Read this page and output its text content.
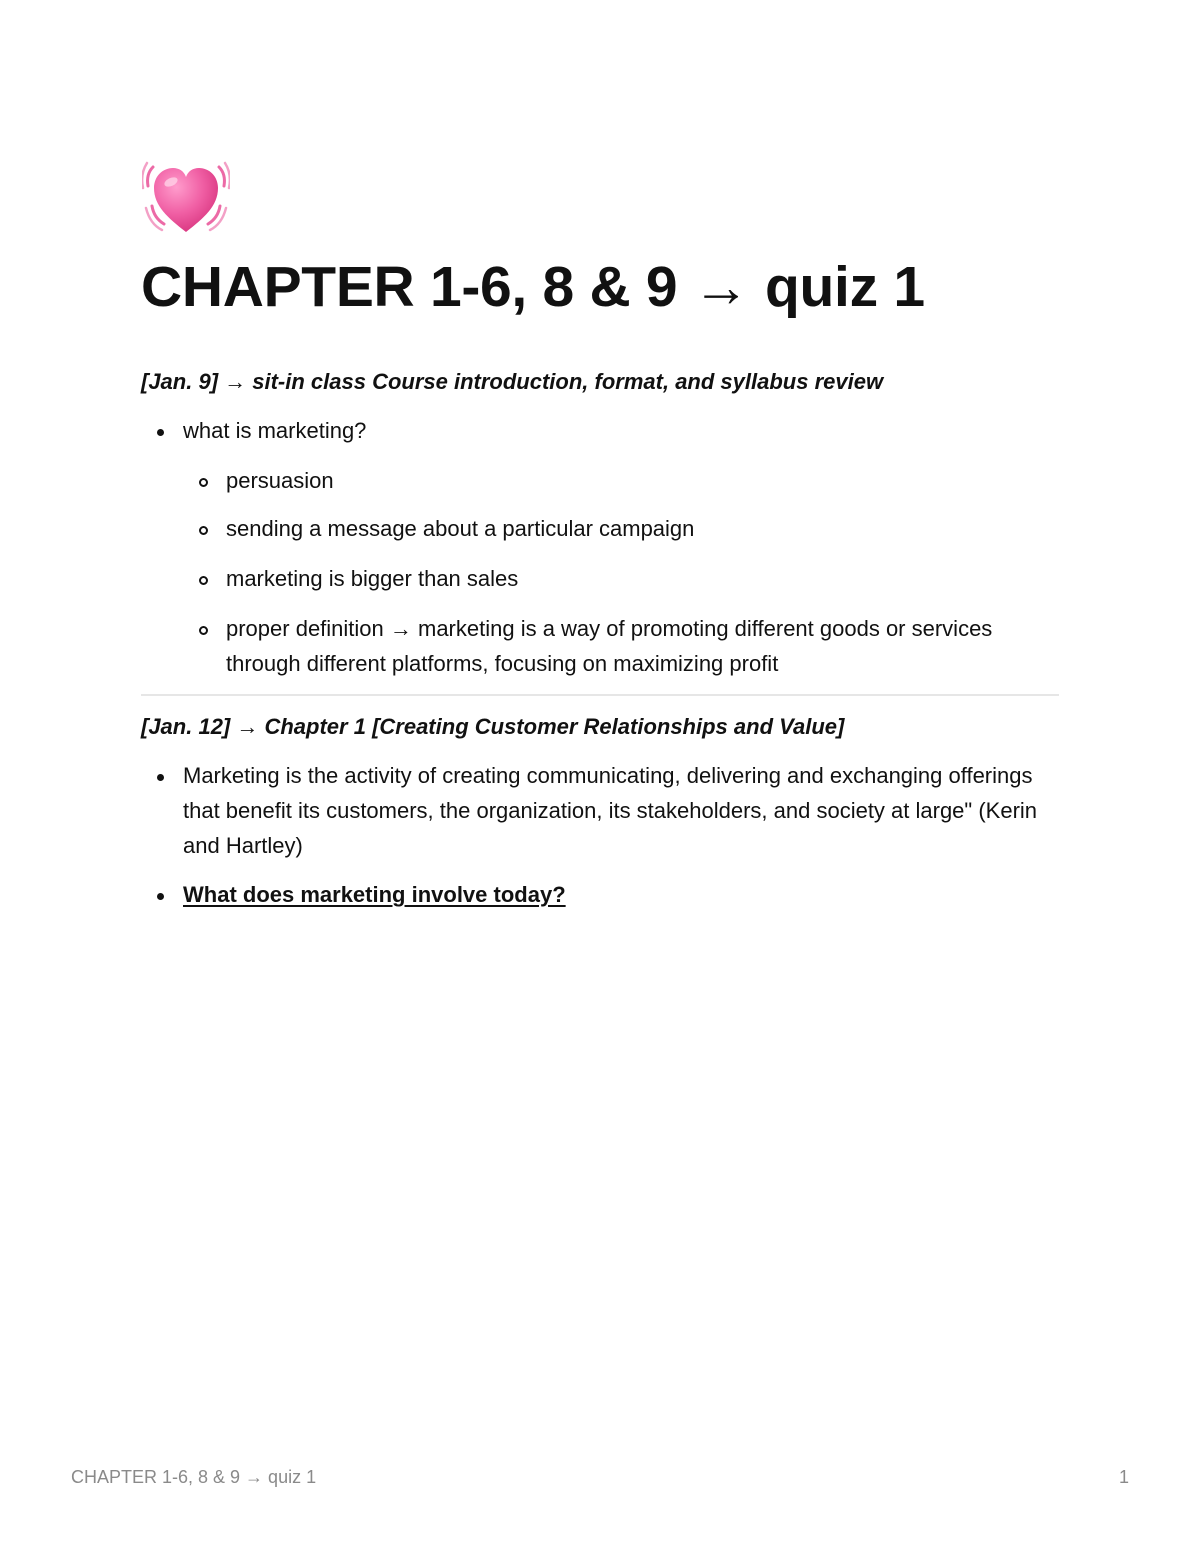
CHAPTER 1-6, 8 & 9 → quiz 1
[Jan. 9] → sit-in class Course introduction, format, and syllabus review
what is marketing?
persuasion
sending a message about a particular campaign
marketing is bigger than sales
proper definition → marketing is a way of promoting different goods or services through different platforms, focusing on maximizing profit
[Jan. 12] → Chapter 1 [Creating Customer Relationships and Value]
Marketing is the activity of creating communicating, delivering and exchanging offerings that benefit its customers, the organization, its stakeholders, and society at large" (Kerin and Hartley)
What does marketing involve today?
CHAPTER 1-6, 8 & 9 → quiz 1	1
